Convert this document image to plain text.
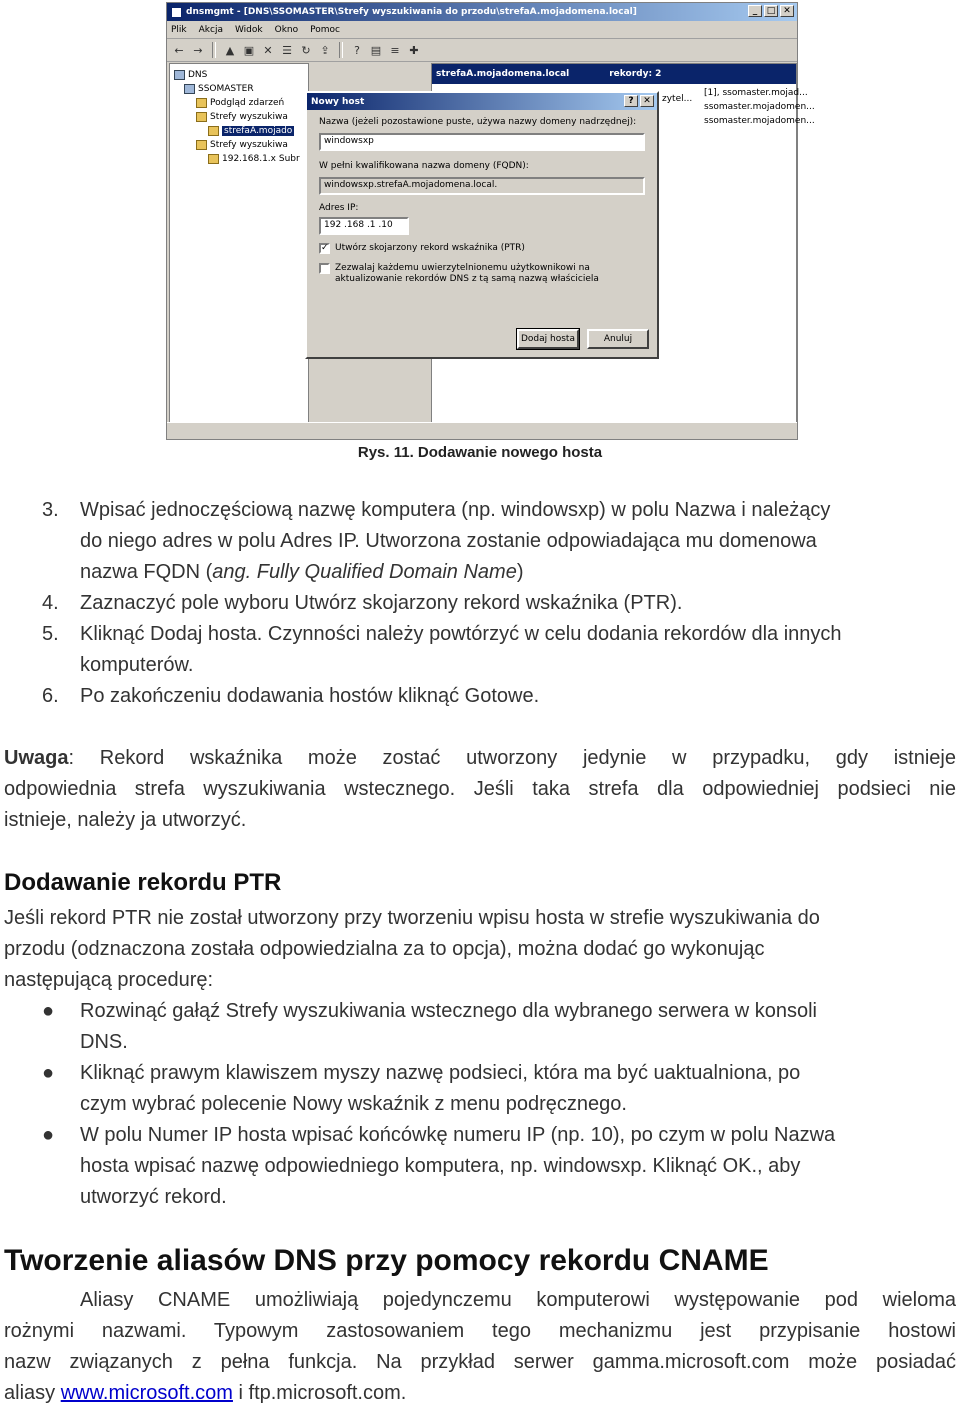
dnsmgmt - [DNS\SSOMASTER\Strefy wyszukiwania do przodu\strefaA.mojadomena.local]	_	□ ✕
Plik Akcja Widok Okno Pomoc
← →	▲ ▣ ✕ ☰ ↻ ⇪	? ▤ ≡ ✚
DNS
SSOMASTER
Podgląd zdarzeń
Strefy wyszukiwa
strefaA.mojado
Strefy wyszukiwa
192.168.1.x Subr
strefaA.mojadomena.local	rekordy: 2
zytel...
[1], ssomaster.mojad...
ssomaster.mojadomen...
ssomaster.mojadomen...
Nowy host	?	✕
Nazwa (jeżeli pozostawione puste, używa nazwy domeny nadrzędnej):
windowsxp
W pełni kwalifikowana nazwa domeny (FQDN):
windowsxp.strefaA.mojadomena.local.
Adres IP:
192 .168 .1 .10
✓ Utwórz skojarzony rekord wskaźnika (PTR)
Zezwalaj każdemu uwierzytelnionemu użytkownikowi na
aktualizowanie rekordów DNS z tą samą nazwą właściciela
Dodaj hosta	Anuluj
Rys. 11. Dodawanie nowego hosta
3. Wpisać jednoczęściową nazwę komputera (np. windowsxp) w polu Nazwa i należący
do niego adres w polu Adres IP. Utworzona zostanie odpowiadająca mu domenowa
nazwa FQDN (ang. Fully Qualified Domain Name)
4. Zaznaczyć pole wyboru Utwórz skojarzony rekord wskaźnika (PTR).
5. Kliknąć Dodaj hosta. Czynności należy powtórzyć w celu dodania rekordów dla innych
komputerów.
6. Po zakończeniu dodawania hostów kliknąć Gotowe.
Uwaga: Rekord wskaźnika może zostać utworzony jedynie w przypadku, gdy istnieje
odpowiednia strefa wyszukiwania wstecznego. Jeśli taka strefa dla odpowiedniej podsieci nie
istnieje, należy ja utworzyć.
Dodawanie rekordu PTR
Jeśli rekord PTR nie został utworzony przy tworzeniu wpisu hosta w strefie wyszukiwania do
przodu (odznaczona została odpowiedzialna za to opcja), można dodać go wykonując
następującą procedurę:
● Rozwinąć gałąź Strefy wyszukiwania wstecznego dla wybranego serwera w konsoli
DNS.
● Kliknąć prawym klawiszem myszy nazwę podsieci, która ma być uaktualniona, po
czym wybrać polecenie Nowy wskaźnik z menu podręcznego.
● W polu Numer IP hosta wpisać końcówkę numeru IP (np. 10), po czym w polu Nazwa
hosta wpisać nazwę odpowiedniego komputera, np. windowsxp. Kliknąć OK., aby
utworzyć rekord.
Tworzenie aliasów DNS przy pomocy rekordu CNAME
Aliasy CNAME umożliwiają pojedynczemu komputerowi występowanie pod wieloma
rożnymi nazwami. Typowym zastosowaniem tego mechanizmu jest przypisanie hostowi
nazw związanych z pełna funkcja. Na przykład serwer gamma.microsoft.com może posiadać
aliasy www.microsoft.com i ftp.microsoft.com.
